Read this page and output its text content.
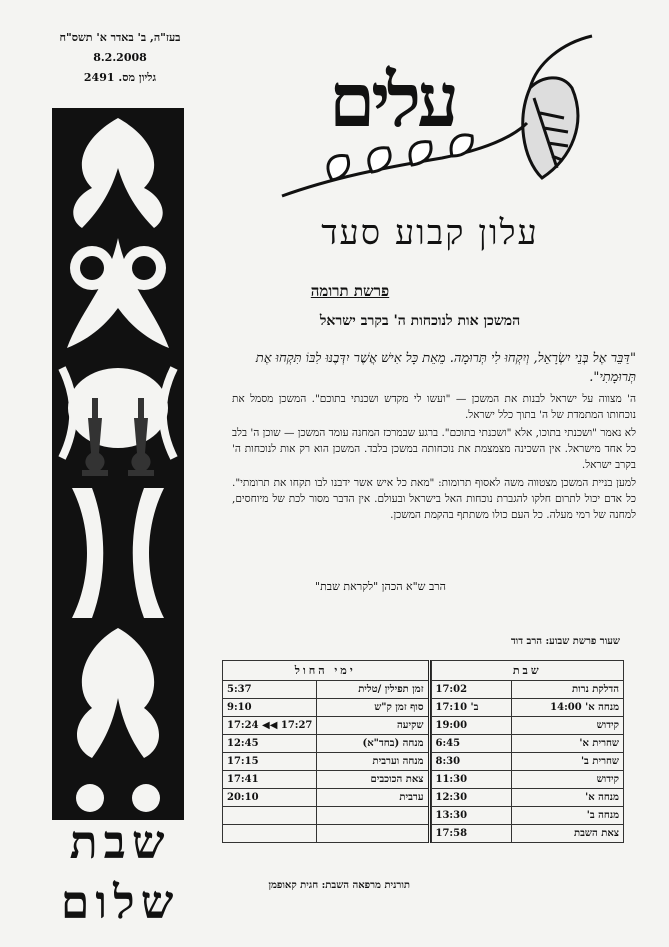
בעז"ה, ב' באדר א' תשס"ח
8.2.2008
גליון מס. 2491
שבת
שלום
עלים
עלון קבוע סעד
פרשת תרומה
המשכן אות לנוכחות ה' בקרב ישראל
"דַּבֵּר אֶל בְּנֵי יִשְׂרָאֵל, וְיִקְחוּ לִי תְּרוּמָה. מֵאֵת כָּל אִישׁ אֲשֶׁר יִדְּבֶנּוּ לִבּוֹ תִּקְחוּ אֶת תְּרוּמָתִי".

ה' מצווה על ישראל לבנות את המשכן — "ועשו לי מקדש ושכנתי בתוכם". המשכן מסמל את נוכחותו המתמדת של ה' בתוך כלל ישראל.

לא נאמר "ושכנתי בתוכו, אלא "ושכנתי בתוכם". ברגע שבמרכז המחנה עומד המשכן — שוכן ה' בלב כל אחד מישראל. אין השכינה מצמצמת את נוכחותה במשכן בלבד. המשכן הוא רק אות לנוכחות ה' בקרב ישראל.

למען בניית המשכן מצטווה משה לאסוף תרומות: "מאת כל איש אשר ידבנו לבו תקחו את תרומתי". כל אדם יכול לתרום חלקו להגברת נוכחות האל בישראל ובעולם. אין הדבר מסור לכת של מיוחסים, למחנה של רמי מעלה. כל העם כולו משתתף בהקמת המשכן.

הרב ש"א הכהן "לקראת שבת"
שעור פרשת שבוע: הרב דוד
שבת			ימי החול	
הדלקת נרות	17:02		זמן תפילין /טלית	5:37
מנחה א' 14:00	ב' 17:10		סוף זמן ק"ש	9:10
קידוש	19:00		שקיעה	17:24 ◀◀ 17:27
שחרית א'	6:45		מנחה (בחד"א)	12:45
שחרית ב'	8:30		מנחה וערבית	17:15
קידוש	11:30		צאת הכוכבים	17:41
מנחה א'	12:30		ערבית	20:10
מנחה ב'	13:30			
צאת השבת	17:58			
תורנית מרפאה השבת: חגית קאופמן
